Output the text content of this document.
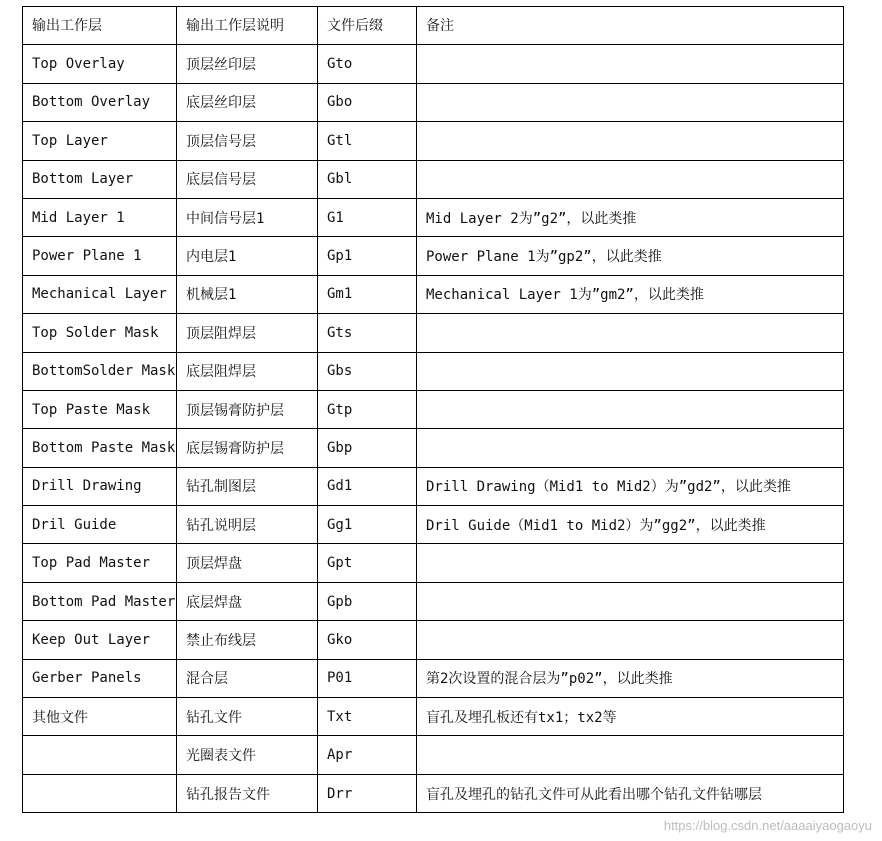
输出工作层	输出工作层说明	文件后缀	备注
Top Overlay	顶层丝印层	Gto	
Bottom Overlay	底层丝印层	Gbo	
Top Layer	顶层信号层	Gtl	
Bottom Layer	底层信号层	Gbl	
Mid Layer 1	中间信号层1	G1	Mid Layer 2为”g2”，以此类推
Power Plane 1	内电层1	Gp1	Power Plane 1为”gp2”，以此类推
Mechanical Layer	机械层1	Gm1	Mechanical Layer 1为”gm2”，以此类推
Top Solder Mask	顶层阻焊层	Gts	
BottomSolder Mask	底层阻焊层	Gbs	
Top Paste Mask	顶层锡膏防护层	Gtp	
Bottom Paste Mask	底层锡膏防护层	Gbp	
Drill Drawing	钻孔制图层	Gd1	Drill Drawing（Mid1 to Mid2）为”gd2”，以此类推
Dril Guide	钻孔说明层	Gg1	Dril Guide（Mid1 to Mid2）为”gg2”，以此类推
Top Pad Master	顶层焊盘	Gpt	
Bottom Pad Master	底层焊盘	Gpb	
Keep Out Layer	禁止布线层	Gko	
Gerber Panels	混合层	P01	第2次设置的混合层为”p02”，以此类推
其他文件	钻孔文件	Txt	盲孔及埋孔板还有tx1；tx2等
	光圈表文件	Apr	
	钻孔报告文件	Drr	盲孔及埋孔的钻孔文件可从此看出哪个钻孔文件钻哪层
https://blog.csdn.net/aaaaiyaogaoyu
